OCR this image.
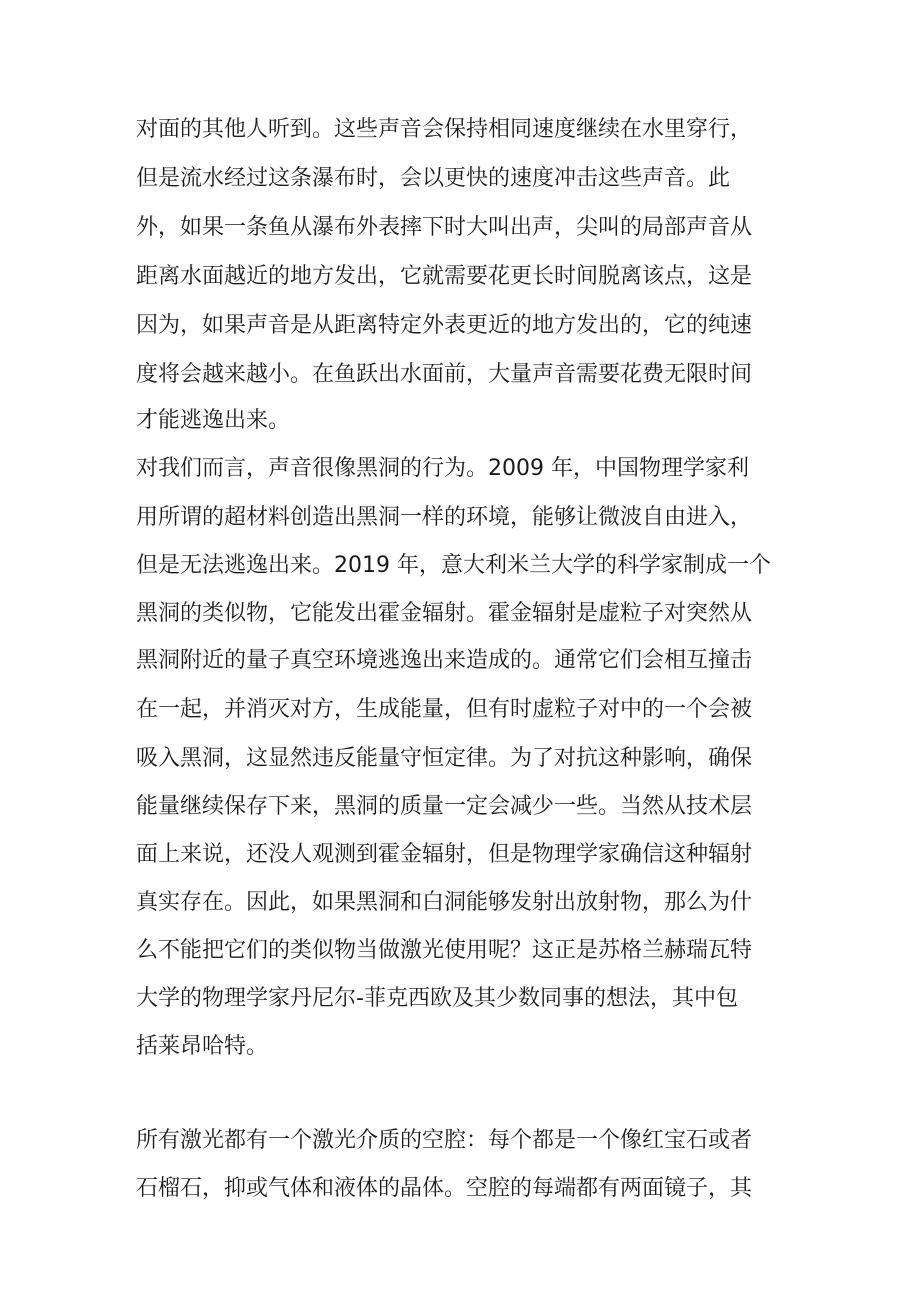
对面的其他人听到。这些声音会保持相同速度继续在水里穿行，
但是流水经过这条瀑布时，会以更快的速度冲击这些声音。此
外，如果一条鱼从瀑布外表摔下时大叫出声，尖叫的局部声音从
距离水面越近的地方发出，它就需要花更长时间脱离该点，这是
因为，如果声音是从距离特定外表更近的地方发出的，它的纯速
度将会越来越小。在鱼跃出水面前，大量声音需要花费无限时间
才能逃逸出来。
对我们而言，声音很像黑洞的行为。2009 年，中国物理学家利
用所谓的超材料创造出黑洞一样的环境，能够让微波自由进入，
但是无法逃逸出来。2019 年，意大利米兰大学的科学家制成一个
黑洞的类似物，它能发出霍金辐射。霍金辐射是虚粒子对突然从
黑洞附近的量子真空环境逃逸出来造成的。通常它们会相互撞击
在一起，并消灭对方，生成能量，但有时虚粒子对中的一个会被
吸入黑洞，这显然违反能量守恒定律。为了对抗这种影响，确保
能量继续保存下来，黑洞的质量一定会减少一些。当然从技术层
面上来说，还没人观测到霍金辐射，但是物理学家确信这种辐射
真实存在。因此，如果黑洞和白洞能够发射出放射物，那么为什
么不能把它们的类似物当做激光使用呢？这正是苏格兰赫瑞瓦特
大学的物理学家丹尼尔-菲克西欧及其少数同事的想法，其中包
括莱昂哈特。
所有激光都有一个激光介质的空腔：每个都是一个像红宝石或者
石榴石，抑或气体和液体的晶体。空腔的每端都有两面镜子，其
